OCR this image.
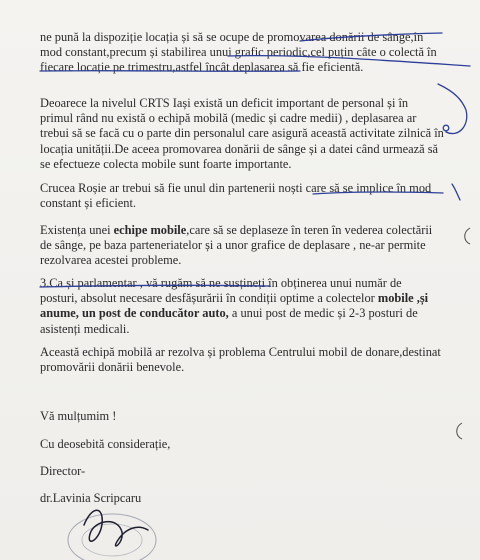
ne pună la dispoziție locația și să se ocupe de promovarea donării de sânge,în
mod constant,precum și stabilirea unui grafic periodic,cel puțin câte o colectă în
fiecare locație pe trimestru,astfel încât deplasarea să fie eficientă.
Deoarece la nivelul CRTS Iași există un deficit important de personal și în
primul rând nu există o echipă mobilă (medic și cadre medii) , deplasarea ar
trebui să se facă cu o parte din personalul care asigură această activitate zilnică în
locația unității.De aceea promovarea donării de sânge și a datei când urmează să
se efectueze colecta mobile sunt foarte importante.
Crucea Roșie ar trebui să fie unul din partenerii noști care să se implice în mod
constant și eficient.
Existența unei echipe mobile,care să se deplaseze în teren în vederea colectării
de sânge, pe baza parteneriatelor și a unor grafice de deplasare , ne-ar permite
rezolvarea acestei probleme.
3.Ca și parlamentar , vă rugăm să ne susțineți în obținerea unui număr de
posturi, absolut necesare desfășurării în condiții optime a colectelor mobile ,și
anume, un post de conducător auto, a unui post de medic și 2-3 posturi de
asistenți medicali.
Această echipă mobilă ar rezolva și problema Centrului mobil de donare,destinat
promovării donării benevole.

Vă mulțumim !

Cu deosebită considerație,

Director-

dr.Lavinia Scripcaru
